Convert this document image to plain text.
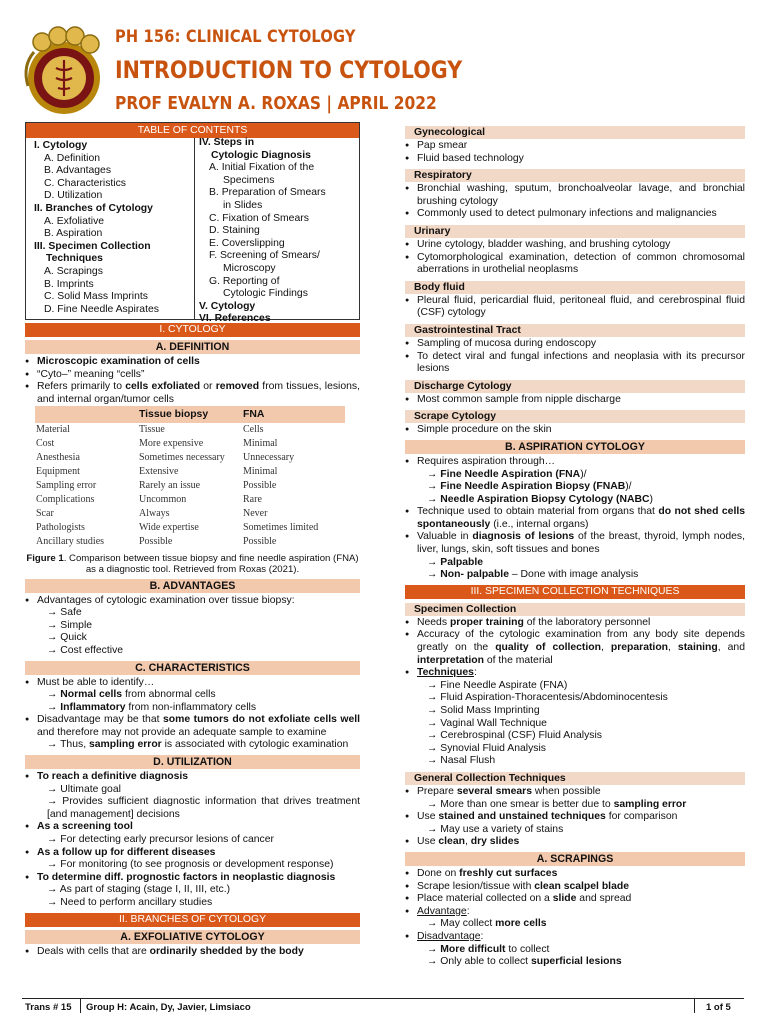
PH 156: CLINICAL CYTOLOGY
INTRODUCTION TO CYTOLOGY
PROF EVALYN A. ROXAS | APRIL 2022
TABLE OF CONTENTS
I. Cytology
A. Definition
B. Advantages
C. Characteristics
D. Utilization
II. Branches of Cytology
A. Exfoliative
B. Aspiration
III. Specimen Collection
Techniques
A. Scrapings
B. Imprints
C. Solid Mass Imprints
D. Fine Needle Aspirates
IV. Steps in
Cytologic Diagnosis
A. Initial Fixation of the
Specimens
B. Preparation of Smears
in Slides
C. Fixation of Smears
D. Staining
E. Coverslipping
F. Screening of Smears/
Microscopy
G. Reporting of
Cytologic Findings
V. Cytology
VI. References
I. CYTOLOGY
A. DEFINITION
● Microscopic examination of cells
● “Cyto–” meaning “cells”
● Refers primarily to cells exfoliated or removed from tissues, lesions, and internal organ/tumor cells
	Tissue biopsy	FNA
Material	Tissue	Cells
Cost	More expensive	Minimal
Anesthesia	Sometimes necessary	Unnecessary
Equipment	Extensive	Minimal
Sampling error	Rarely an issue	Possible
Complications	Uncommon	Rare
Scar	Always	Never
Pathologists	Wide expertise	Sometimes limited
Ancillary studies	Possible	Possible
Figure 1. Comparison between tissue biopsy and fine needle aspiration (FNA) as a diagnostic tool. Retrieved from Roxas (2021).
B. ADVANTAGES
● Advantages of cytologic examination over tissue biopsy:
→ Safe
→ Simple
→ Quick
→ Cost effective
C. CHARACTERISTICS
● Must be able to identify…
→ Normal cells from abnormal cells
→ Inflammatory from non-inflammatory cells
● Disadvantage may be that some tumors do not exfoliate cells well and therefore may not provide an adequate sample to examine
→ Thus, sampling error is associated with cytologic examination
D. UTILIZATION
● To reach a definitive diagnosis
→ Ultimate goal
→ Provides sufficient diagnostic information that drives treatment [and management] decisions
● As a screening tool
→ For detecting early precursor lesions of cancer
● As a follow up for different diseases
→ For monitoring (to see prognosis or development response)
● To determine diff. prognostic factors in neoplastic diagnosis
→ As part of staging (stage I, II, III, etc.)
→ Need to perform ancillary studies
II. BRANCHES OF CYTOLOGY
A. EXFOLIATIVE CYTOLOGY
● Deals with cells that are ordinarily shedded by the body
Gynecological
● Pap smear
● Fluid based technology
Respiratory
● Bronchial washing, sputum, bronchoalveolar lavage, and bronchial brushing cytology
● Commonly used to detect pulmonary infections and malignancies
Urinary
● Urine cytology, bladder washing, and brushing cytology
● Cytomorphological examination, detection of common chromosomal aberrations in urothelial neoplasms
Body fluid
● Pleural fluid, pericardial fluid, peritoneal fluid, and cerebrospinal fluid (CSF) cytology
Gastrointestinal Tract
● Sampling of mucosa during endoscopy
● To detect viral and fungal infections and neoplasia with its precursor lesions
Discharge Cytology
● Most common sample from nipple discharge
Scrape Cytology
● Simple procedure on the skin
B. ASPIRATION CYTOLOGY
● Requires aspiration through…
→ Fine Needle Aspiration (FNA)/
→ Fine Needle Aspiration Biopsy (FNAB)/
→ Needle Aspiration Biopsy Cytology (NABC)
● Technique used to obtain material from organs that do not shed cells spontaneously (i.e., internal organs)
● Valuable in diagnosis of lesions of the breast, thyroid, lymph nodes, liver, lungs, skin, soft tissues and bones
→ Palpable
→ Non- palpable – Done with image analysis
III. SPECIMEN COLLECTION TECHNIQUES
Specimen Collection
● Needs proper training of the laboratory personnel
● Accuracy of the cytologic examination from any body site depends greatly on the quality of collection, preparation, staining, and interpretation of the material
● Techniques:
→ Fine Needle Aspirate (FNA)
→ Fluid Aspiration-Thoracentesis/Abdominocentesis
→ Solid Mass Imprinting
→ Vaginal Wall Technique
→ Cerebrospinal (CSF) Fluid Analysis
→ Synovial Fluid Analysis
→ Nasal Flush
General Collection Techniques
● Prepare several smears when possible
→ More than one smear is better due to sampling error
● Use stained and unstained techniques for comparison
→ May use a variety of stains
● Use clean, dry slides
A. SCRAPINGS
● Done on freshly cut surfaces
● Scrape lesion/tissue with clean scalpel blade
● Place material collected on a slide and spread
● Advantage:
→ May collect more cells
● Disadvantage:
→ More difficult to collect
→ Only able to collect superficial lesions
Trans # 15 Group H: Acain, Dy, Javier, Limsiaco	1 of 5
